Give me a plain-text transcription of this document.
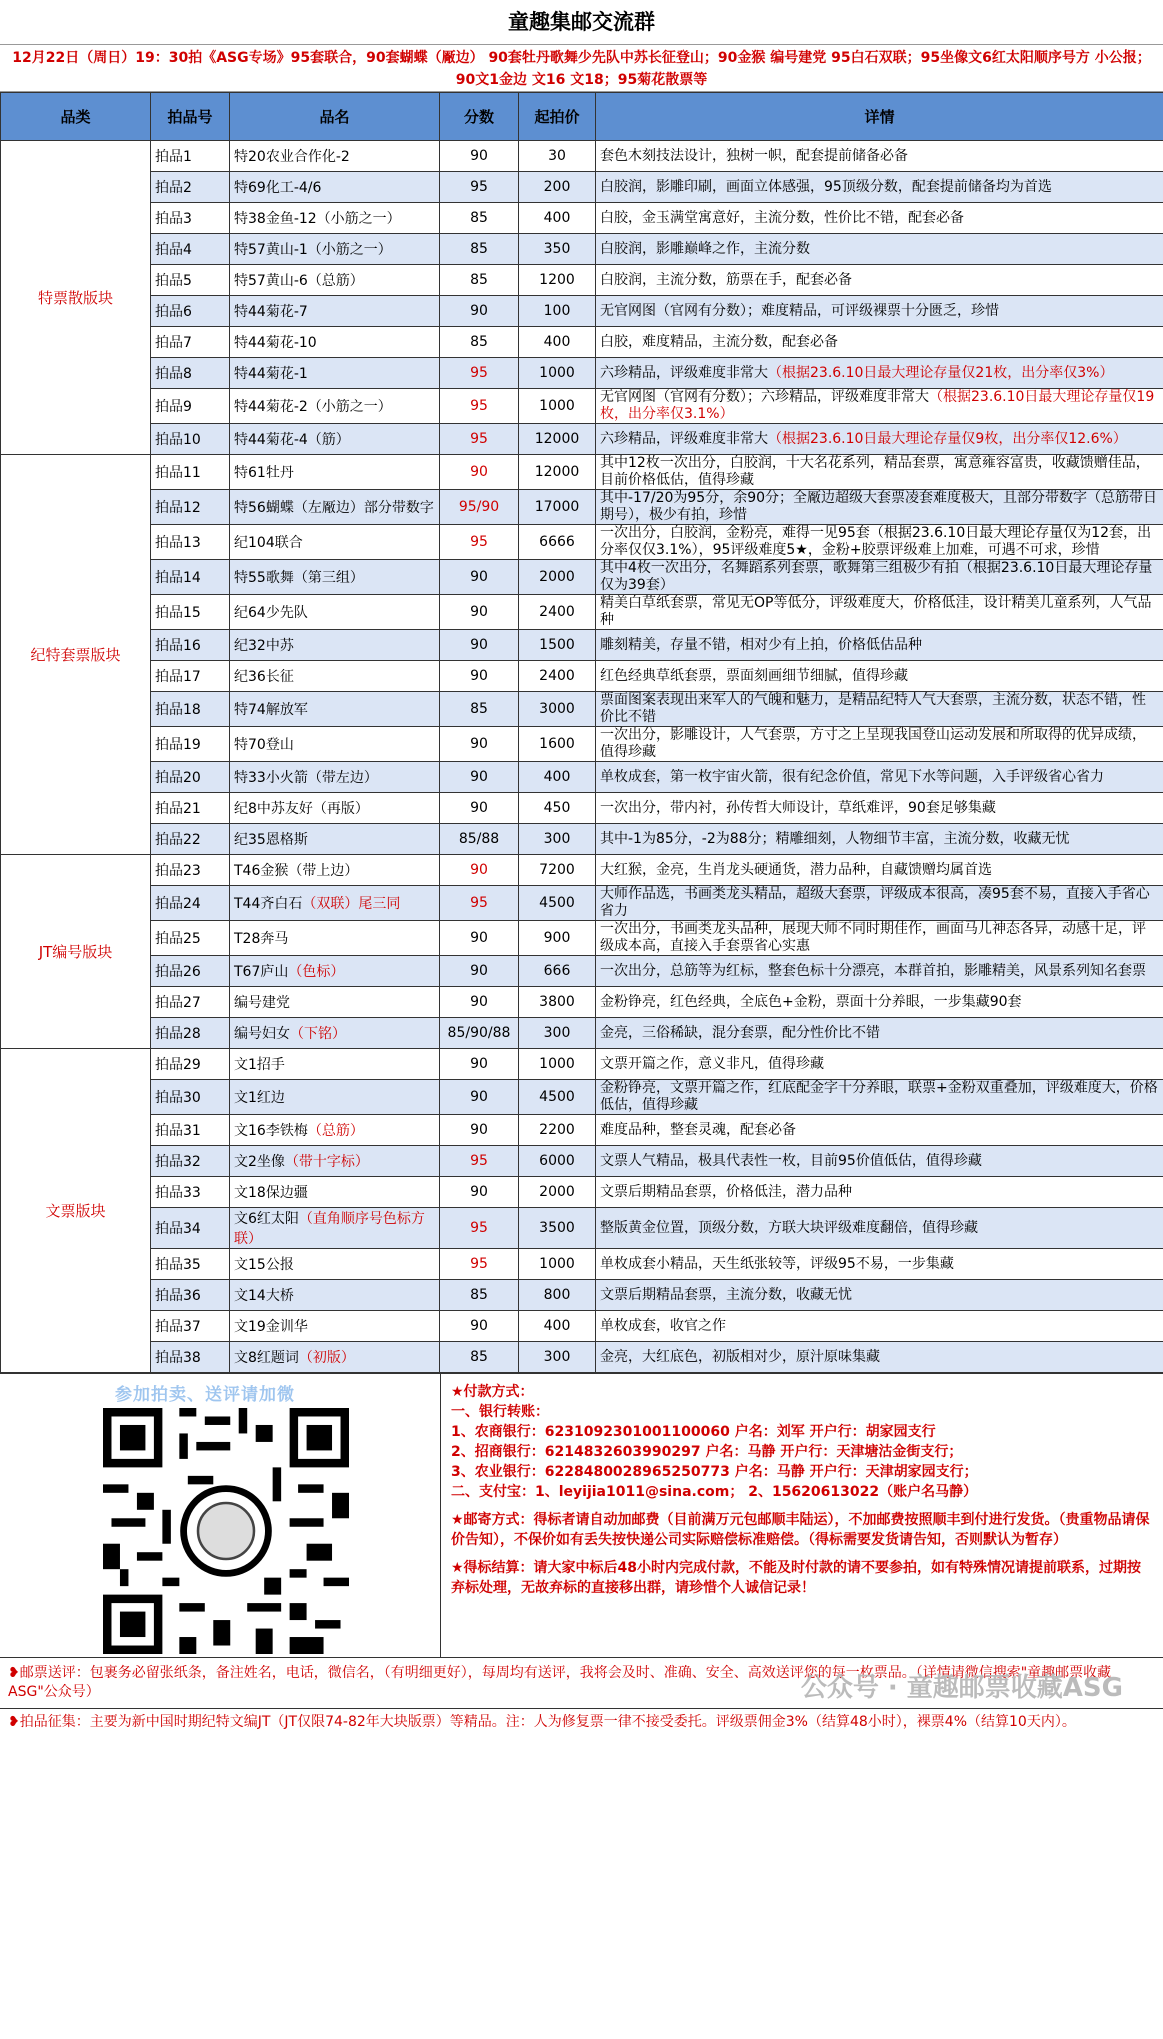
童趣集邮交流群
12月22日（周日）19：30拍《ASG专场》95套联合，90套蝴蝶（厰边） 90套牡丹歌舞少先队中苏长征登山；90金猴 编号建党 95白石双联；95坐像文6红太阳顺序号方 小公报；90文1金边 文16 文18；95菊花散票等
品类	拍品号	品名	分数	起拍价	详情
特票散版块	拍品1	特20农业合作化-2	90	30	套色木刻技法设计，独树一帜，配套提前储备必备
	拍品2	特69化工-4/6	95	200	白胶润，影雕印刷，画面立体感强，95顶级分数，配套提前储备均为首选
	拍品3	特38金鱼-12（小筋之一）	85	400	白胶，金玉满堂寓意好，主流分数，性价比不错，配套必备
	拍品4	特57黄山-1（小筋之一）	85	350	白胶润，影雕巅峰之作，主流分数
	拍品5	特57黄山-6（总筋）	85	1200	白胶润，主流分数，筋票在手，配套必备
	拍品6	特44菊花-7	90	100	无官网图（官网有分数）；难度精品，可评级裸票十分匮乏，珍惜
	拍品7	特44菊花-10	85	400	白胶，难度精品，主流分数，配套必备
	拍品8	特44菊花-1	95	1000	六珍精品，评级难度非常大（根据23.6.10日最大理论存量仅21枚，出分率仅3%）
	拍品9	特44菊花-2（小筋之一）	95	1000	无官网图（官网有分数）；六珍精品，评级难度非常大（根据23.6.10日最大理论存量仅19枚，出分率仅3.1%）
	拍品10	特44菊花-4（筋）	95	12000	六珍精品，评级难度非常大（根据23.6.10日最大理论存量仅9枚，出分率仅12.6%）
纪特套票版块	拍品11	特61牡丹	90	12000	其中12枚一次出分，白胶润，十大名花系列，精品套票，寓意雍容富贵，收藏馈赠佳品，目前价格低估，值得珍藏
	拍品12	特56蝴蝶（左厰边）部分带数字	95/90	17000	其中-17/20为95分，余90分；全厰边超级大套票凌套难度极大，且部分带数字（总筋带日期号），极少有拍，珍惜
	拍品13	纪104联合	95	6666	一次出分，白胶润，金粉亮，难得一见95套（根据23.6.10日最大理论存量仅为12套，出分率仅仅3.1%），95评级难度5★，金粉+胶票评级难上加难，可遇不可求，珍惜
	拍品14	特55歌舞（第三组）	90	2000	其中4枚一次出分，名舞蹈系列套票，歌舞第三组极少有拍（根据23.6.10日最大理论存量仅为39套）
	拍品15	纪64少先队	90	2400	精美白草纸套票，常见无OP等低分，评级难度大，价格低洼，设计精美儿童系列，人气品种
	拍品16	纪32中苏	90	1500	雕刻精美，存量不错，相对少有上拍，价格低估品种
	拍品17	纪36长征	90	2400	红色经典草纸套票，票面刻画细节细腻，值得珍藏
	拍品18	特74解放军	85	3000	票面图案表现出来军人的气魄和魅力，是精品纪特人气大套票，主流分数，状态不错，性价比不错
	拍品19	特70登山	90	1600	一次出分，影雕设计，人气套票，方寸之上呈现我国登山运动发展和所取得的优异成绩，值得珍藏
	拍品20	特33小火箭（带左边）	90	400	单枚成套，第一枚宇宙火箭，很有纪念价值，常见下水等问题，入手评级省心省力
	拍品21	纪8中苏友好（再版）	90	450	一次出分，带内衬，孙传哲大师设计，草纸难评，90套足够集藏
	拍品22	纪35恩格斯	85/88	300	其中-1为85分，-2为88分；精雕细刻，人物细节丰富，主流分数，收藏无忧
JT编号版块	拍品23	T46金猴（带上边）	90	7200	大红猴，金亮，生肖龙头硬通货，潜力品种，自藏馈赠均属首选
	拍品24	T44齐白石（双联）尾三同	95	4500	大师作品选，书画类龙头精品，超级大套票，评级成本很高，凑95套不易，直接入手省心省力
	拍品25	T28奔马	90	900	一次出分，书画类龙头品种，展现大师不同时期佳作，画面马儿神态各异，动感十足，评级成本高，直接入手套票省心实惠
	拍品26	T67庐山（色标）	90	666	一次出分，总筋等为红标，整套色标十分漂亮，本群首拍，影雕精美，风景系列知名套票
	拍品27	编号建党	90	3800	金粉铮亮，红色经典，全底色+金粉，票面十分养眼，一步集藏90套
	拍品28	编号妇女（下铭）	85/90/88	300	金亮，三俗稀缺，混分套票，配分性价比不错
文票版块	拍品29	文1招手	90	1000	文票开篇之作，意义非凡，值得珍藏
	拍品30	文1红边	90	4500	金粉铮亮，文票开篇之作，红底配金字十分养眼，联票+金粉双重叠加，评级难度大，价格低估，值得珍藏
	拍品31	文16李铁梅（总筋）	90	2200	难度品种，整套灵魂，配套必备
	拍品32	文2坐像（带十字标）	95	6000	文票人气精品，极具代表性一枚，目前95价值低估，值得珍藏
	拍品33	文18保边疆	90	2000	文票后期精品套票，价格低洼，潜力品种
	拍品34	文6红太阳（直角顺序号色标方联）	95	3500	整版黄金位置，顶级分数，方联大块评级难度翻倍，值得珍藏
	拍品35	文15公报	95	1000	单枚成套小精品，天生纸张较等，评级95不易，一步集藏
	拍品36	文14大桥	85	800	文票后期精品套票，主流分数，收藏无忧
	拍品37	文19金训华	90	400	单枚成套，收官之作
	拍品38	文8红题词（初版）	85	300	金亮，大红底色，初版相对少，原汁原味集藏
参加拍卖、送评请加微	★付款方式：
一、银行转账：
1、农商银行：6231092301001100060 户名：刘军 开户行：胡家园支行
2、招商银行：6214832603990297 户名：马静 开户行：天津塘沽金街支行；
3、农业银行：6228480028965250773 户名：马静 开户行：天津胡家园支行；
二、支付宝：1、leyijia1011@sina.com； 2、15620613022（账户名马静）
★邮寄方式：得标者请自动加邮费（目前满万元包邮顺丰陆运），不加邮费按照顺丰到付进行发货。（贵重物品请保价告知），不保价如有丢失按快递公司实际赔偿标准赔偿。（得标需要发货请告知，否则默认为暂存）
★得标结算：请大家中标后48小时内完成付款，不能及时付款的请不要参拍，如有特殊情况请提前联系，过期按弃标处理，无故弃标的直接移出群，请珍惜个人诚信记录！
❥邮票送评：包裹务必留张纸条，备注姓名，电话，微信名，（有明细更好），每周均有送评，我将会及时、准确、安全、高效送评您的每一枚票品。（详情请微信搜索"童趣邮票收藏ASG"公众号）	公众号 · 童趣邮票收藏ASG
❥拍品征集：主要为新中国时期纪特文编JT（JT仅限74-82年大块版票）等精品。注：人为修复票一律不接受委托。评级票佣金3%（结算48小时），裸票4%（结算10天内）。
